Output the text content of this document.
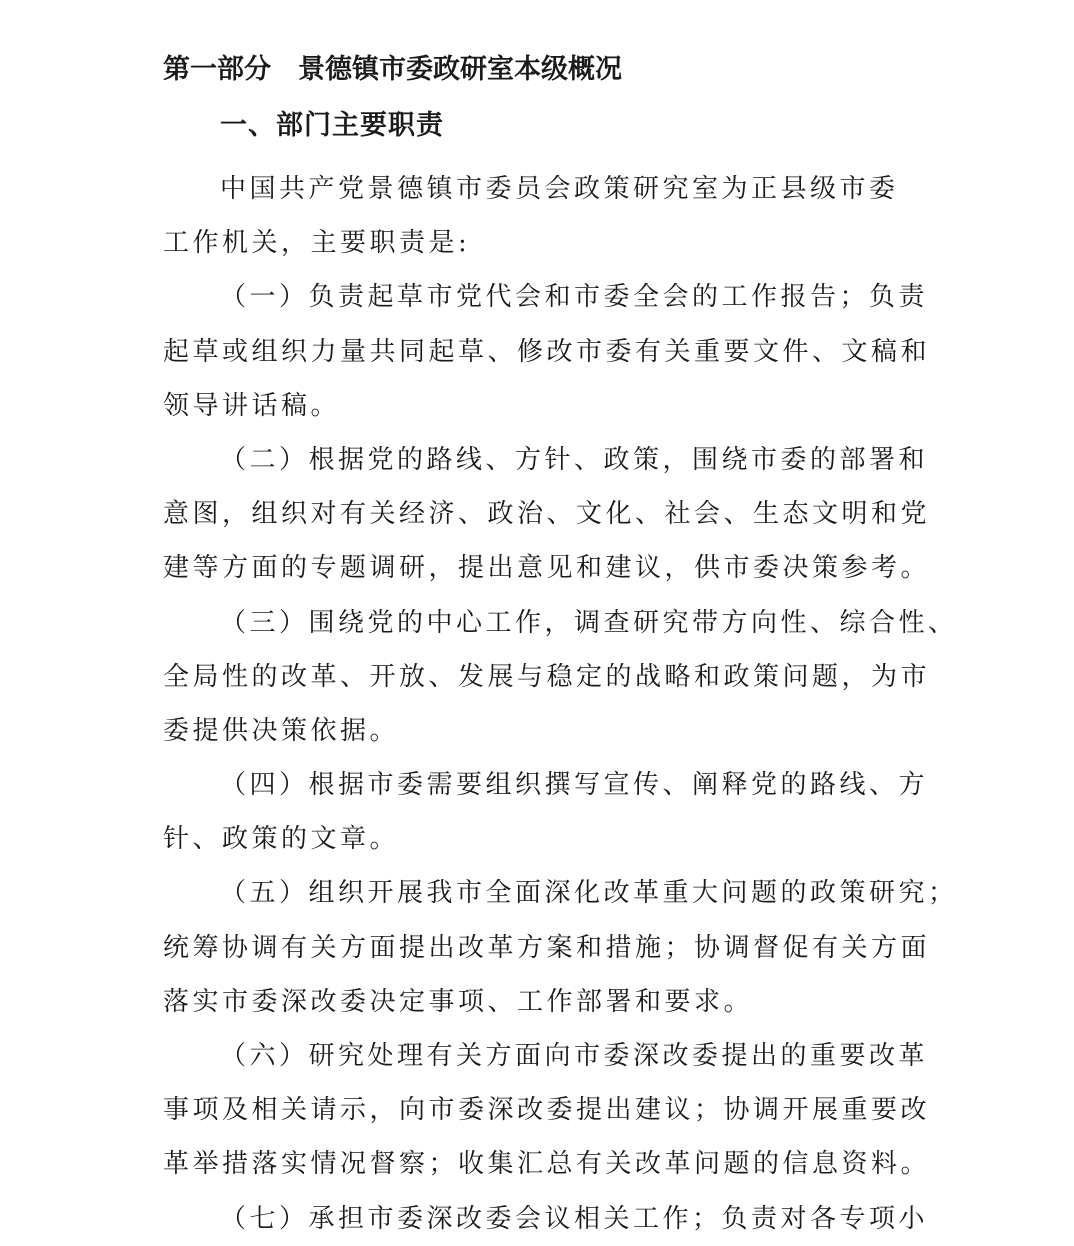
第一部分　景德镇市委政研室本级概况
一、部门主要职责
中国共产党景德镇市委员会政策研究室为正县级市委
工作机关，主要职责是:
（一）负责起草市党代会和市委全会的工作报告；负责
起草或组织力量共同起草、修改市委有关重要文件、文稿和
领导讲话稿。
（二）根据党的路线、方针、政策，围绕市委的部署和
意图，组织对有关经济、政治、文化、社会、生态文明和党
建等方面的专题调研，提出意见和建议，供市委决策参考。
（三）围绕党的中心工作，调查研究带方向性、综合性、
全局性的改革、开放、发展与稳定的战略和政策问题，为市
委提供决策依据。
（四）根据市委需要组织撰写宣传、阐释党的路线、方
针、政策的文章。
（五）组织开展我市全面深化改革重大问题的政策研究；
统筹协调有关方面提出改革方案和措施；协调督促有关方面
落实市委深改委决定事项、工作部署和要求。
（六）研究处理有关方面向市委深改委提出的重要改革
事项及相关请示，向市委深改委提出建议；协调开展重要改
革举措落实情况督察；收集汇总有关改革问题的信息资料。
（七）承担市委深改委会议相关工作；负责对各专项小
